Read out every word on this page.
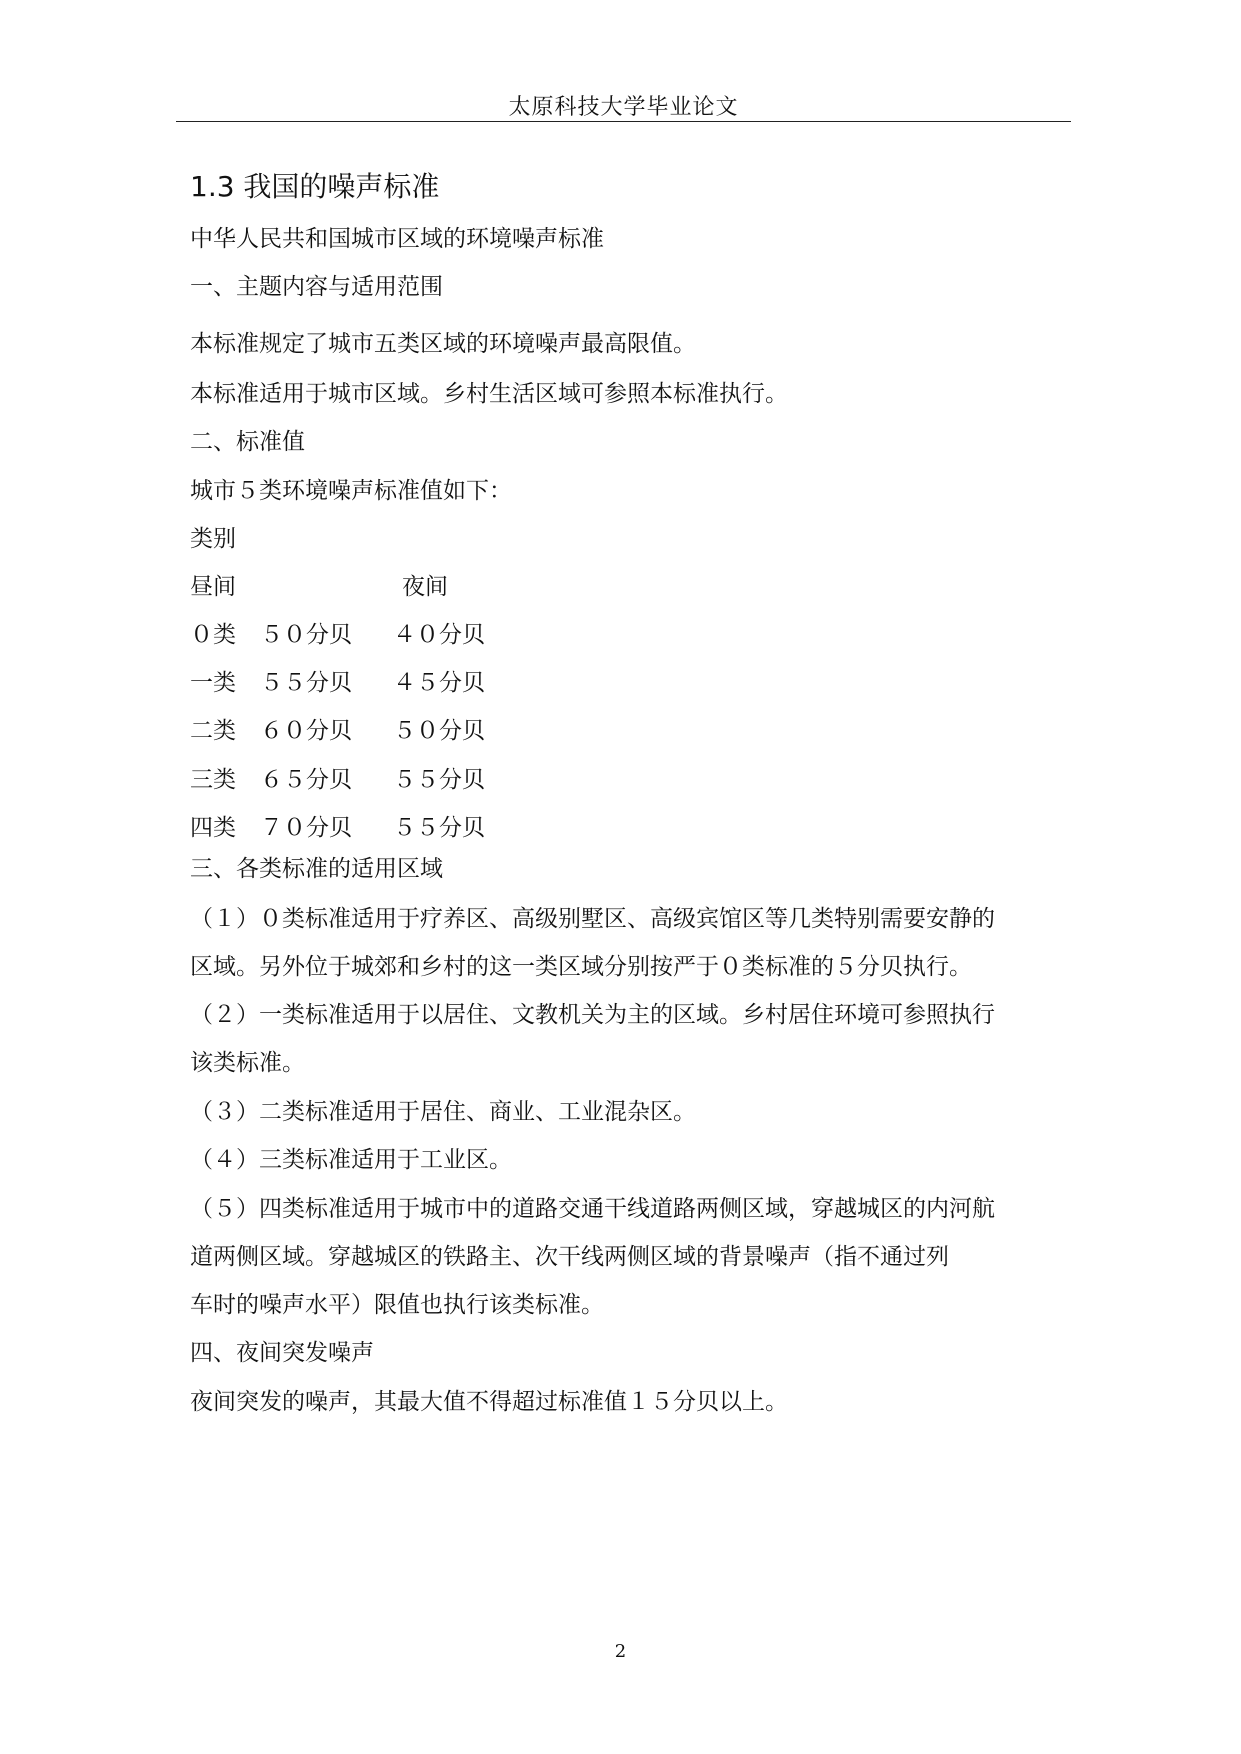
太原科技大学毕业论文
1.3 我国的噪声标准
中华人民共和国城市区域的环境噪声标准
一、主题内容与适用范围
本标准规定了城市五类区域的环境噪声最高限值。
本标准适用于城市区域。乡村生活区域可参照本标准执行。
二、标准值
城市５类环境噪声标准值如下：
类别
昼间	夜间
０类 ５０分贝 ４０分贝
一类 ５５分贝 ４５分贝
二类 ６０分贝 ５０分贝
三类 ６５分贝 ５５分贝
四类 ７０分贝 ５５分贝
三、各类标准的适用区域
（１）０类标准适用于疗养区、高级别墅区、高级宾馆区等几类特别需要安静的
区域。另外位于城郊和乡村的这一类区域分别按严于０类标准的５分贝执行。
（２）一类标准适用于以居住、文教机关为主的区域。乡村居住环境可参照执行
该类标准。
（３）二类标准适用于居住、商业、工业混杂区。
（４）三类标准适用于工业区。
（５）四类标准适用于城市中的道路交通干线道路两侧区域，穿越城区的内河航
道两侧区域。穿越城区的铁路主、次干线两侧区域的背景噪声（指不通过列
车时的噪声水平）限值也执行该类标准。
四、夜间突发噪声
夜间突发的噪声，其最大值不得超过标准值１５分贝以上。
2
